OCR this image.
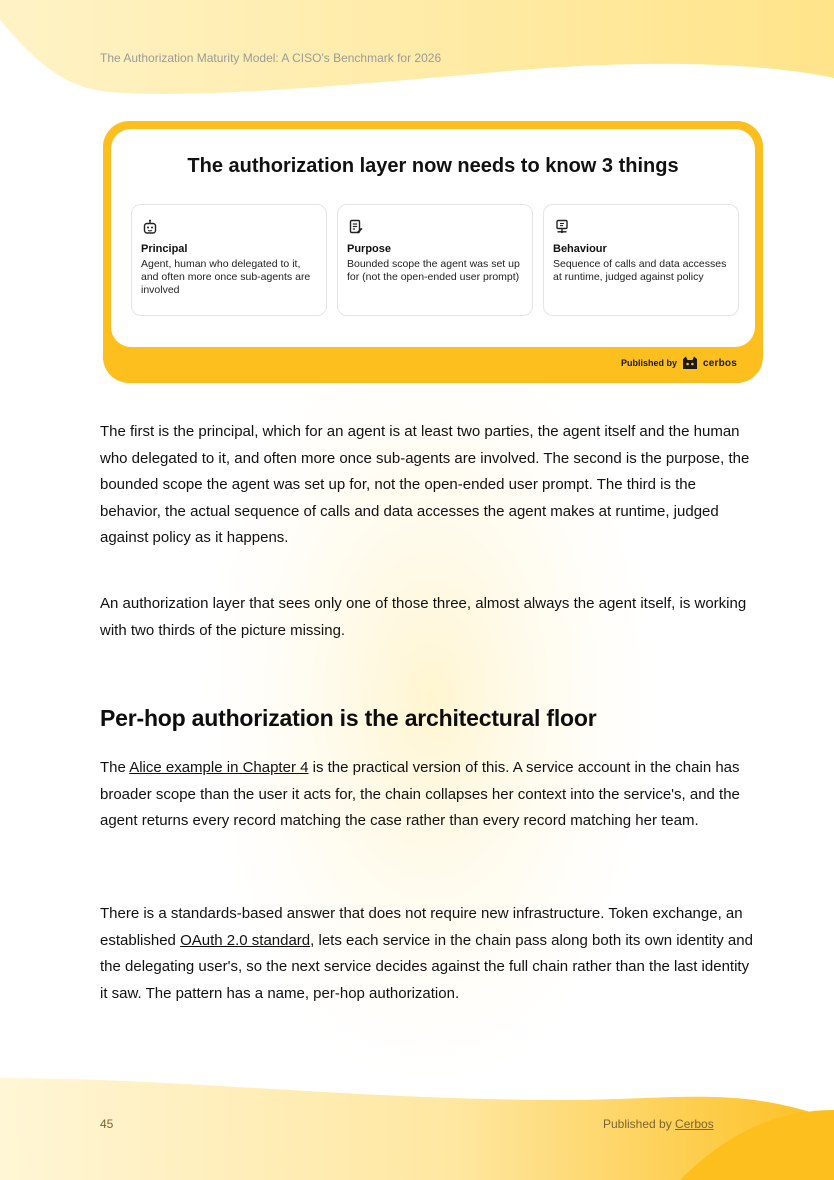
The Authorization Maturity Model: A CISO's Benchmark for 2026
The authorization layer now needs to know 3 things
Principal
Agent, human who delegated to it, and often more once sub-agents are involved
Purpose
Bounded scope the agent was set up for (not the open-ended user prompt)
Behaviour
Sequence of calls and data accesses at runtime, judged against policy
Published by	cerbos
The first is the principal, which for an agent is at least two parties, the agent itself and the human who delegated to it, and often more once sub-agents are involved. The second is the purpose, the bounded scope the agent was set up for, not the open-ended user prompt. The third is the behavior, the actual sequence of calls and data accesses the agent makes at runtime, judged against policy as it happens.
An authorization layer that sees only one of those three, almost always the agent itself, is working with two thirds of the picture missing.
Per-hop authorization is the architectural floor
The Alice example in Chapter 4 is the practical version of this. A service account in the chain has broader scope than the user it acts for, the chain collapses her context into the service's, and the agent returns every record matching the case rather than every record matching her team.
There is a standards-based answer that does not require new infrastructure. Token exchange, an established OAuth 2.0 standard, lets each service in the chain pass along both its own identity and the delegating user's, so the next service decides against the full chain rather than the last identity it saw. The pattern has a name, per-hop authorization.
45	Published by Cerbos
